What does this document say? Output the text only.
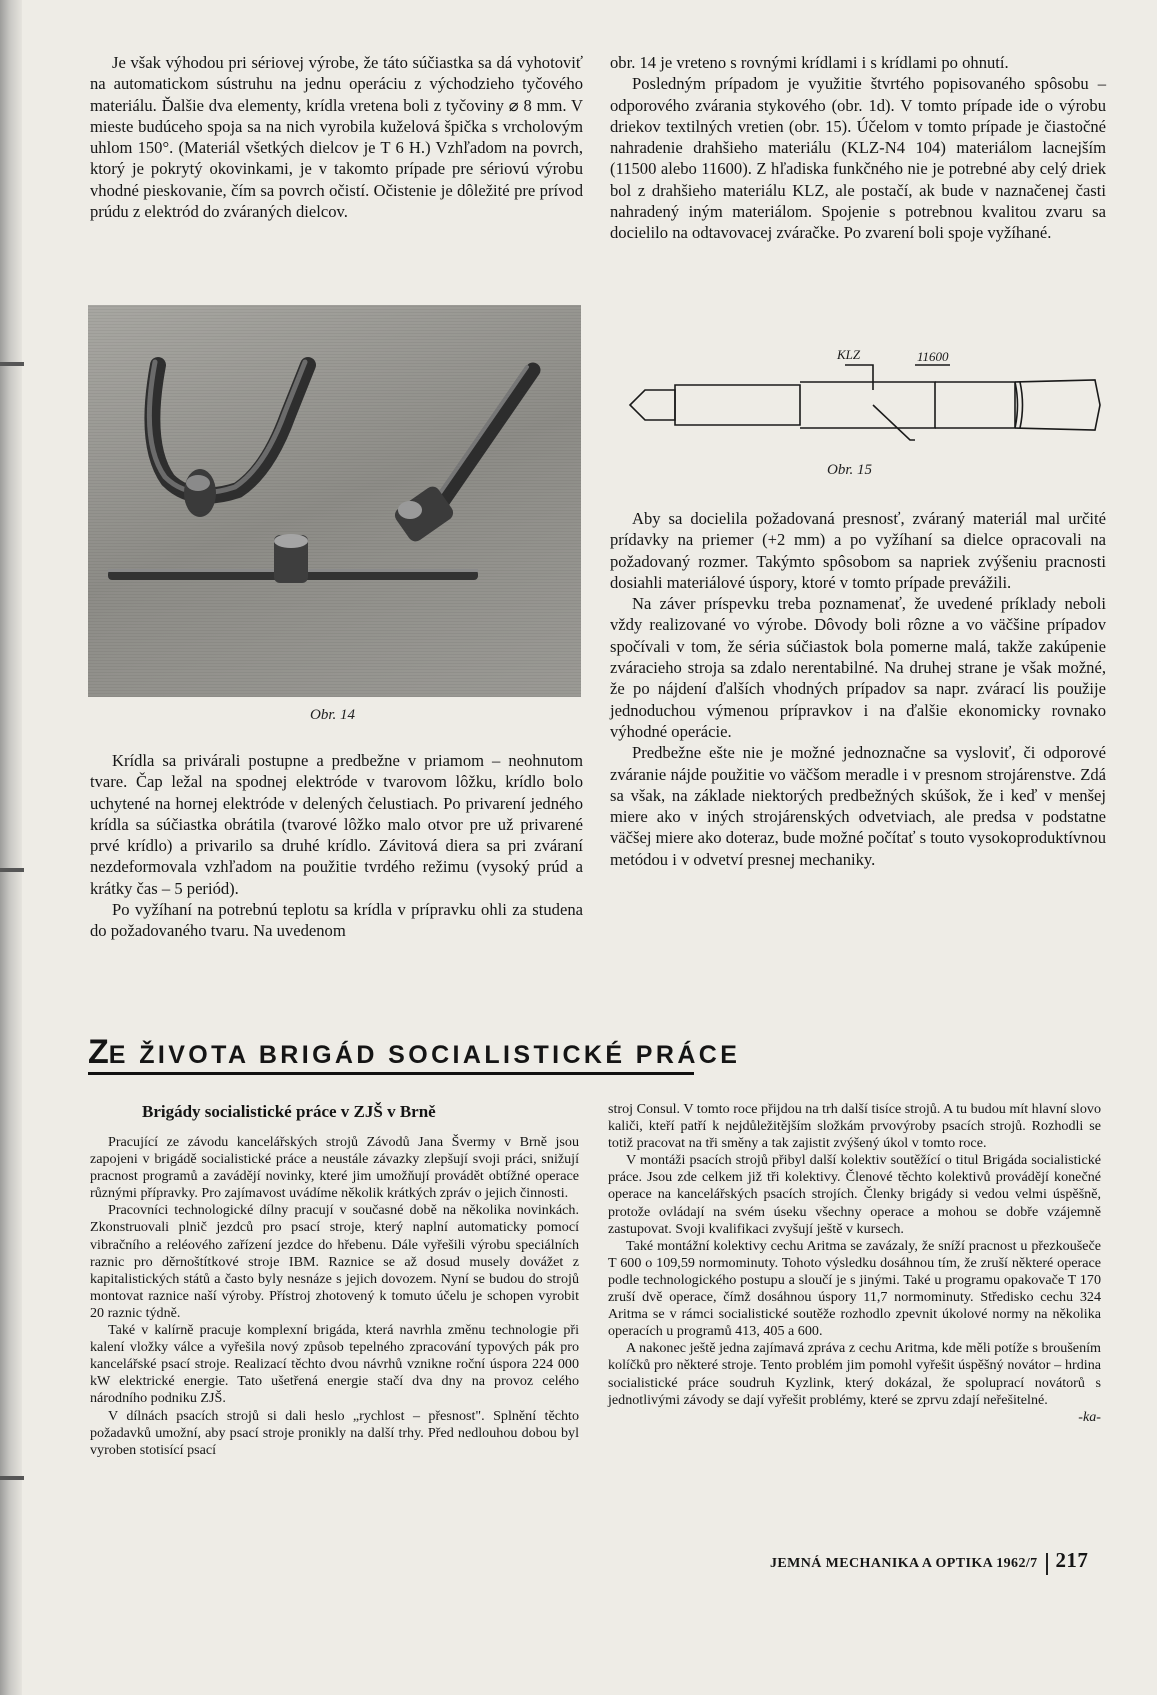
Je však výhodou pri sériovej výrobe, že táto súčiastka sa dá vyhotoviť na automatickom sústruhu na jednu operáciu z východzieho tyčového materiálu. Ďalšie dva elementy, krídla vretena boli z tyčoviny ⌀ 8 mm. V mieste budúceho spoja sa na nich vyrobila kuželová špička s vrcholovým uhlom 150°. (Materiál všetkých dielcov je T 6 H.) Vzhľadom na povrch, ktorý je pokrytý okovinkami, je v takomto prípade pre sériovú výrobu vhodné pieskovanie, čím sa povrch očistí. Očistenie je dôležité pre prívod prúdu z elektród do zváraných dielcov.

Obr. 14

Krídla sa privárali postupne a predbežne v priamom – neohnutom tvare. Čap ležal na spodnej elektróde v tvarovom lôžku, krídlo bolo uchytené na hornej elektróde v delených čelustiach. Po privarení jedného krídla sa súčiastka obrátila (tvarové lôžko malo otvor pre už privarené prvé krídlo) a privarilo sa druhé krídlo. Závitová diera sa pri zváraní nezdeformovala vzhľadom na použitie tvrdého režimu (vysoký prúd a krátky čas – 5 periód).

Po vyžíhaní na potrebnú teplotu sa krídla v prípravku ohli za studena do požadovaného tvaru. Na uvedenom

obr. 14 je vreteno s rovnými krídlami i s krídlami po ohnutí.

Posledným prípadom je využitie štvrtého popisovaného spôsobu – odporového zvárania stykového (obr. 1d). V tomto prípade ide o výrobu driekov textilných vretien (obr. 15). Účelom v tomto prípade je čiastočné nahradenie drahšieho materiálu (KLZ-N4 104) materiálom lacnejším (11500 alebo 11600). Z hľadiska funkčného nie je potrebné aby celý driek bol z drahšieho materiálu KLZ, ale postačí, ak bude v naznačenej časti nahradený iným materiálom. Spojenie s potrebnou kvalitou zvaru sa docielilo na odtavovacej zváračke. Po zvarení boli spoje vyžíhané.

KLZ	11600
Obr. 15

Aby sa docielila požadovaná presnosť, zváraný materiál mal určité prídavky na priemer (+2 mm) a po vyžíhaní sa dielce opracovali na požadovaný rozmer. Takýmto spôsobom sa napriek zvýšeniu pracnosti dosiahli materiálové úspory, ktoré v tomto prípade prevážili.

Na záver príspevku treba poznamenať, že uvedené príklady neboli vždy realizované vo výrobe. Dôvody boli rôzne a vo väčšine prípadov spočívali v tom, že séria súčiastok bola pomerne malá, takže zakúpenie zváracieho stroja sa zdalo nerentabilné. Na druhej strane je však možné, že po nájdení ďalších vhodných prípadov sa napr. zvárací lis použije jednoduchou výmenou prípravkov i na ďalšie ekonomicky rovnako výhodné operácie.

Predbežne ešte nie je možné jednoznačne sa vysloviť, či odporové zváranie nájde použitie vo väčšom meradle i v presnom strojárenstve. Zdá sa však, na základe niektorých predbežných skúšok, že i keď v menšej miere ako v iných strojárenských odvetviach, ale predsa v podstatne väčšej miere ako doteraz, bude možné počítať s touto vysokoproduktívnou metódou i v odvetví presnej mechaniky.

ZE ŽIVOTA BRIGÁD SOCIALISTICKÉ PRÁCE
Brigády socialistické práce v ZJŠ v Brně

Pracující ze závodu kancelářských strojů Závodů Jana Švermy v Brně jsou zapojeni v brigádě socialistické práce a neustále závazky zlepšují svoji práci, snižují pracnost programů a zavádějí novinky, které jim umožňují provádět obtížné operace různými přípravky. Pro zajímavost uvádíme několik krátkých zpráv o jejich činnosti.

Pracovníci technologické dílny pracují v současné době na několika novinkách. Zkonstruovali plnič jezdců pro psací stroje, který naplní automaticky pomocí vibračního a reléového zařízení jezdce do hřebenu. Dále vyřešili výrobu speciálních raznic pro děrnoštítkové stroje IBM. Raznice se až dosud musely dovážet z kapitalistických států a často byly nesnáze s jejich dovozem. Nyní se budou do strojů montovat raznice naší výroby. Přístroj zhotovený k tomuto účelu je schopen vyrobit 20 raznic týdně.

Také v kalírně pracuje komplexní brigáda, která navrhla změnu technologie při kalení vložky válce a vyřešila nový způsob tepelného zpracování typových pák pro kancelářské psací stroje. Realizací těchto dvou návrhů vznikne roční úspora 224 000 kW elektrické energie. Tato ušetřená energie stačí dva dny na provoz celého národního podniku ZJŠ.

V dílnách psacích strojů si dali heslo „rychlost – přesnost". Splnění těchto požadavků umožní, aby psací stroje pronikly na další trhy. Před nedlouhou dobou byl vyroben stotisící psací

stroj Consul. V tomto roce přijdou na trh další tisíce strojů. A tu budou mít hlavní slovo kaliči, kteří patří k nejdůležitějším složkám prvovýroby psacích strojů. Rozhodli se totiž pracovat na tři směny a tak zajistit zvýšený úkol v tomto roce.

V montáži psacích strojů přibyl další kolektiv soutěžící o titul Brigáda socialistické práce. Jsou zde celkem již tři kolektivy. Členové těchto kolektivů provádějí konečné operace na kancelářských psacích strojích. Členky brigády si vedou velmi úspěšně, protože ovládají na svém úseku všechny operace a mohou se dobře vzájemně zastupovat. Svoji kvalifikaci zvyšují ještě v kursech.

Také montážní kolektivy cechu Aritma se zavázaly, že sníží pracnost u přezkoušeče T 600 o 109,59 normominuty. Tohoto výsledku dosáhnou tím, že zruší některé operace podle technologického postupu a sloučí je s jinými. Také u programu opakovače T 170 zruší dvě operace, čímž dosáhnou úspory 11,7 normominuty. Středisko cechu 324 Aritma se v rámci socialistické soutěže rozhodlo zpevnit úkolové normy na několika operacích u programů 413, 405 a 600.

A nakonec ještě jedna zajímavá zpráva z cechu Aritma, kde měli potíže s broušením kolíčků pro některé stroje. Tento problém jim pomohl vyřešit úspěšný novátor – hrdina socialistické práce soudruh Kyzlink, který dokázal, že spoluprací novátorů s jednotlivými závody se dají vyřešit problémy, které se zprvu zdají neřešitelné.

-ka-

JEMNÁ MECHANIKA A OPTIKA 1962/7 217
